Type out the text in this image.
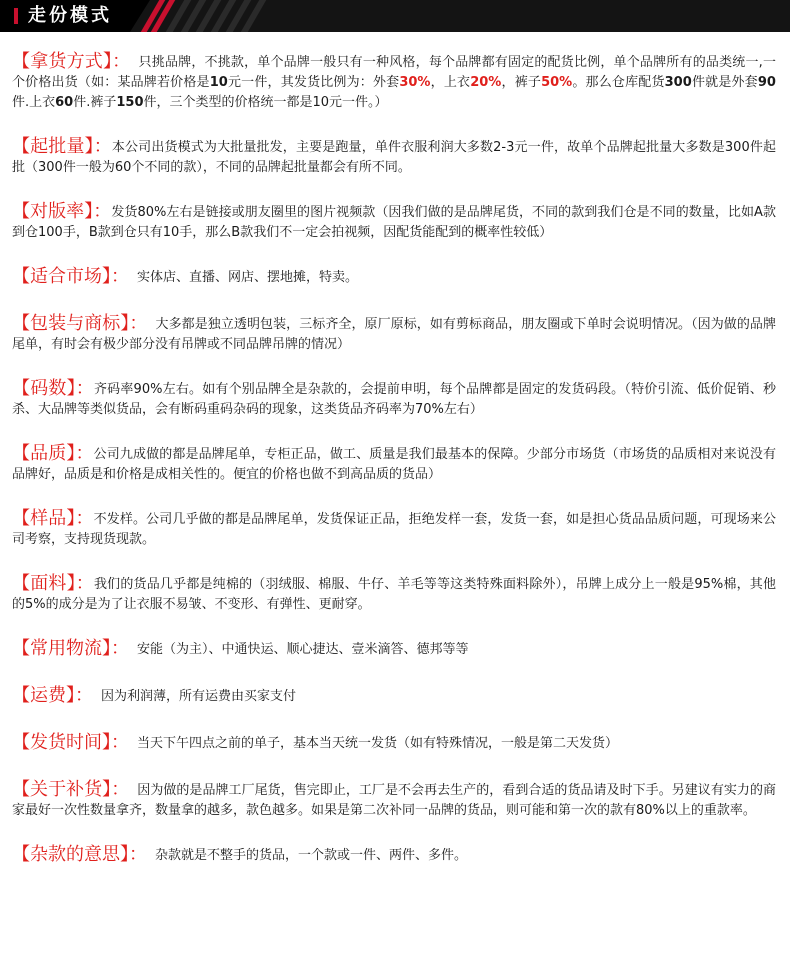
走份模式

【拿货方式】： 只挑品牌，不挑款，单个品牌一般只有一种风格，每个品牌都有固定的配货比例，单个品牌所有的品类统一,一个价格出货（如：某品牌若价格是10元一件，其发货比例为：外套30%，上衣20%，裤子50%。那么仓库配货300件就是外套90件.上衣60件.裤子150件，三个类型的价格统一都是10元一件。）

【起批量】：本公司出货模式为大批量批发，主要是跑量，单件衣服利润大多数2-3元一件，故单个品牌起批量大多数是300件起批（300件一般为60个不同的款），不同的品牌起批量都会有所不同。

【对版率】：发货80%左右是链接或朋友圈里的图片视频款（因我们做的是品牌尾货，不同的款到我们仓是不同的数量，比如A款到仓100手，B款到仓只有10手，那么B款我们不一定会拍视频，因配货能配到的概率性较低）

【适合市场】： 实体店、直播、网店、摆地摊，特卖。

【包装与商标】： 大多都是独立透明包装，三标齐全，原厂原标，如有剪标商品，朋友圈或下单时会说明情况。（因为做的品牌尾单，有时会有极少部分没有吊牌或不同品牌吊牌的情况）

【码数】：齐码率90%左右。如有个别品牌全是杂款的，会提前申明，每个品牌都是固定的发货码段。（特价引流、低价促销、秒杀、大品牌等类似货品，会有断码重码杂码的现象，这类货品齐码率为70%左右）

【品质】：公司九成做的都是品牌尾单，专柜正品，做工、质量是我们最基本的保障。少部分市场货（市场货的品质相对来说没有品牌好，品质是和价格是成相关性的。便宜的价格也做不到高品质的货品）

【样品】：不发样。公司几乎做的都是品牌尾单，发货保证正品，拒绝发样一套，发货一套，如是担心货品品质问题，可现场来公司考察，支持现货现款。

【面料】：我们的货品几乎都是纯棉的（羽绒服、棉服、牛仔、羊毛等等这类特殊面料除外），吊牌上成分上一般是95%棉，其他的5%的成分是为了让衣服不易皱、不变形、有弹性、更耐穿。

【常用物流】： 安能（为主）、中通快运、顺心捷达、壹米滴答、德邦等等

【运费】： 因为利润薄，所有运费由买家支付

【发货时间】： 当天下午四点之前的单子，基本当天统一发货（如有特殊情况，一般是第二天发货）

【关于补货】： 因为做的是品牌工厂尾货，售完即止，工厂是不会再去生产的，看到合适的货品请及时下手。另建议有实力的商家最好一次性数量拿齐，数量拿的越多，款色越多。如果是第二次补同一品牌的货品，则可能和第一次的款有80%以上的重款率。

【杂款的意思】： 杂款就是不整手的货品，一个款或一件、两件、多件。
